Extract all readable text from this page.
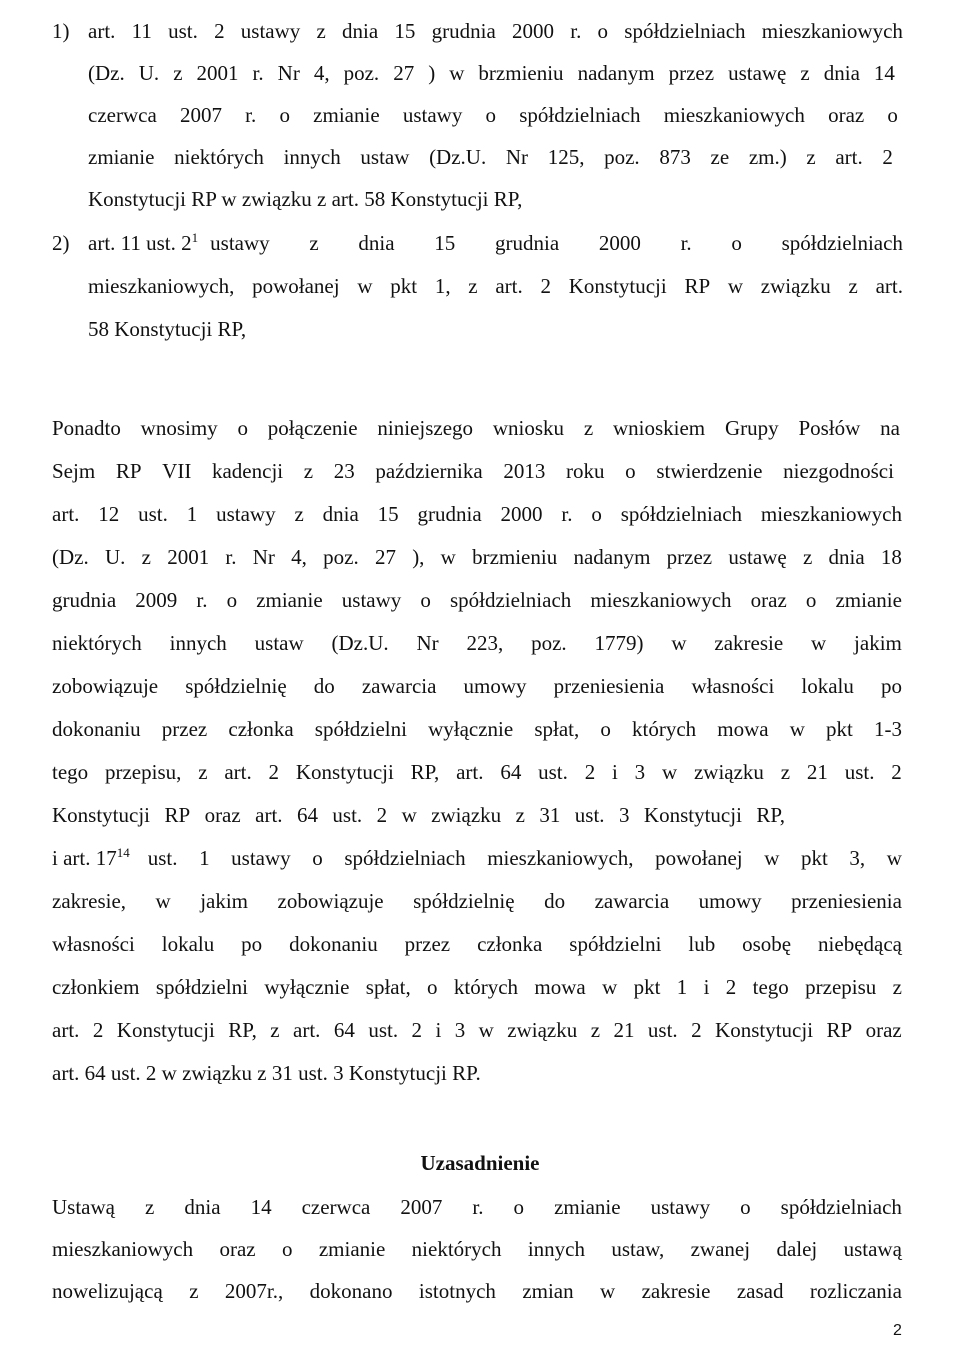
1) art. 11 ust. 2 ustawy z dnia 15 grudnia 2000 r. o spółdzielniach mieszkaniowych
(Dz. U. z 2001 r. Nr 4, poz. 27 ) w brzmieniu nadanym przez ustawę z dnia 14
czerwca 2007 r. o zmianie ustawy o spółdzielniach mieszkaniowych oraz o
zmianie niektórych innych ustaw (Dz.U. Nr 125, poz. 873 ze zm.) z art. 2
Konstytucji RP w związku z art. 58 Konstytucji RP,
2) art. 11 ust. 2 $^1$ ustawy z dnia 15 grudnia 2000 r. o spółdzielniach
mieszkaniowych, powołanej w pkt 1, z art. 2 Konstytucji RP w związku z art.
58 Konstytucji RP,
Ponadto wnosimy o połączenie niniejszego wniosku z wnioskiem Grupy Posłów na
Sejm RP VII kadencji z 23 października 2013 roku o stwierdzenie niezgodności
art. 12 ust. 1 ustawy z dnia 15 grudnia 2000 r. o spółdzielniach mieszkaniowych
(Dz. U. z 2001 r. Nr 4, poz. 27 ), w brzmieniu nadanym przez ustawę z dnia 18
grudnia 2009 r. o zmianie ustawy o spółdzielniach mieszkaniowych oraz o zmianie
niektórych innych ustaw (Dz.U. Nr 223, poz. 1779) w zakresie w jakim
zobowiązuje spółdzielnię do zawarcia umowy przeniesienia własności lokalu po
dokonaniu przez członka spółdzielni wyłącznie spłat, o których mowa w pkt 1-3
tego przepisu, z art. 2 Konstytucji RP, art. 64 ust. 2 i 3 w związku z 21 ust. 2
Konstytucji RP oraz art. 64 ust. 2 w związku z 31 ust. 3 Konstytucji RP,
i art. 17 $^{14}$ ust. 1 ustawy o spółdzielniach mieszkaniowych, powołanej w pkt 3, w
zakresie, w jakim zobowiązuje spółdzielnię do zawarcia umowy przeniesienia
własności lokalu po dokonaniu przez członka spółdzielni lub osobę niebędącą
członkiem spółdzielni wyłącznie spłat, o których mowa w pkt 1 i 2 tego przepisu z
art. 2 Konstytucji RP, z art. 64 ust. 2 i 3 w związku z 21 ust. 2 Konstytucji RP oraz
art. 64 ust. 2 w związku z 31 ust. 3 Konstytucji RP.
Uzasadnienie
Ustawą z dnia 14 czerwca 2007 r. o zmianie ustawy o spółdzielniach
mieszkaniowych oraz o zmianie niektórych innych ustaw, zwanej dalej ustawą
nowelizującą z 2007r., dokonano istotnych zmian w zakresie zasad rozliczania
2
